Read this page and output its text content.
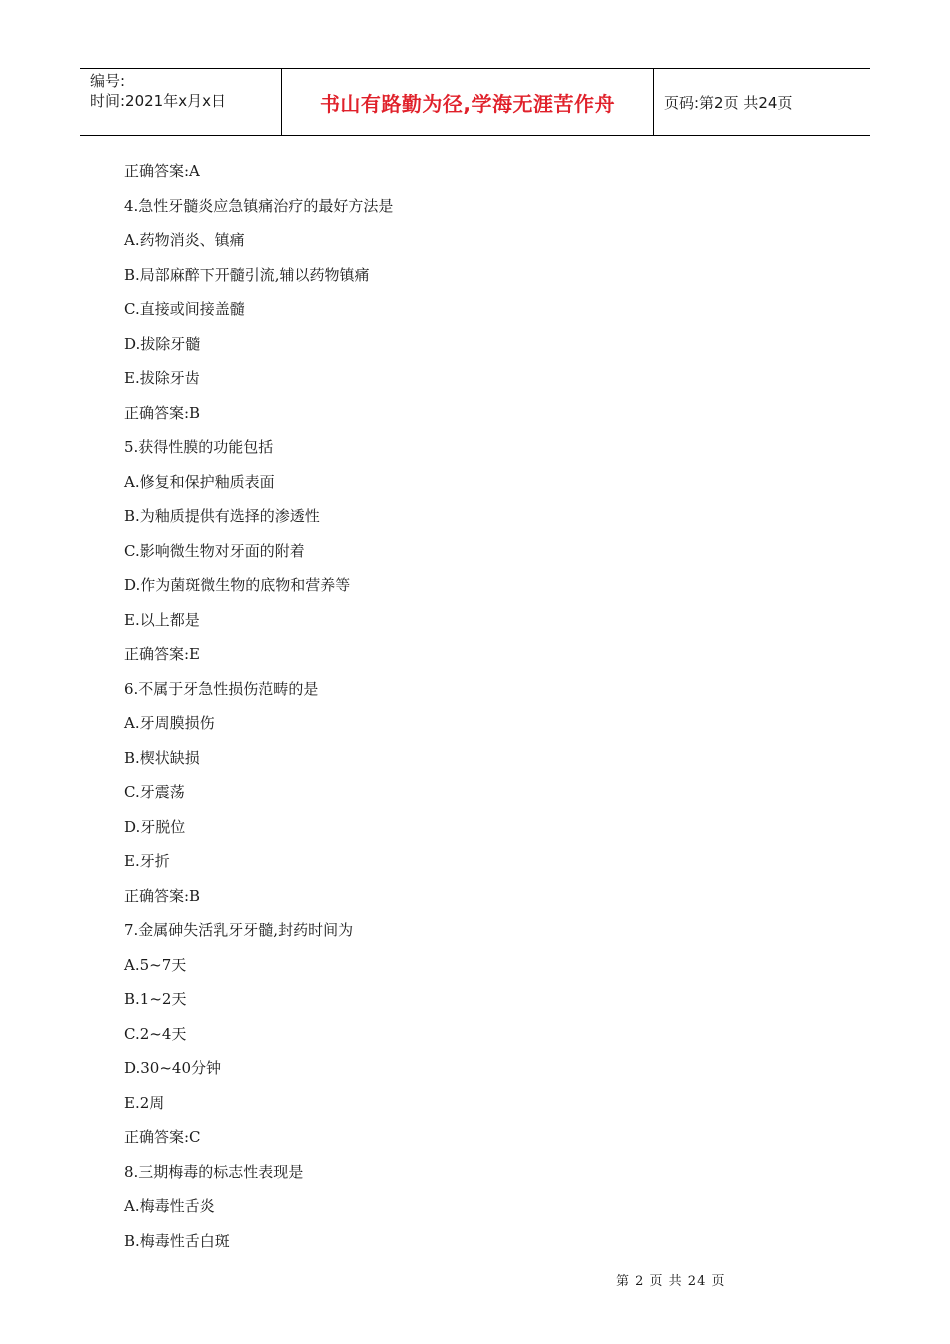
编号:
时间:2021年x月x日	书山有路勤为径,学海无涯苦作舟	页码:第2页 共24页
正确答案:A
4.急性牙髓炎应急镇痛治疗的最好方法是
A.药物消炎、镇痛
B.局部麻醉下开髓引流,辅以药物镇痛
C.直接或间接盖髓
D.拔除牙髓
E.拔除牙齿
正确答案:B
5.获得性膜的功能包括
A.修复和保护釉质表面
B.为釉质提供有选择的渗透性
C.影响微生物对牙面的附着
D.作为菌斑微生物的底物和营养等
E.以上都是
正确答案:E
6.不属于牙急性损伤范畴的是
A.牙周膜损伤
B.楔状缺损
C.牙震荡
D.牙脱位
E.牙折
正确答案:B
7.金属砷失活乳牙牙髓,封药时间为
A.5~7天
B.1~2天
C.2~4天
D.30~40分钟
E.2周
正确答案:C
8.三期梅毒的标志性表现是
A.梅毒性舌炎
B.梅毒性舌白斑
第 2 页 共 24 页
